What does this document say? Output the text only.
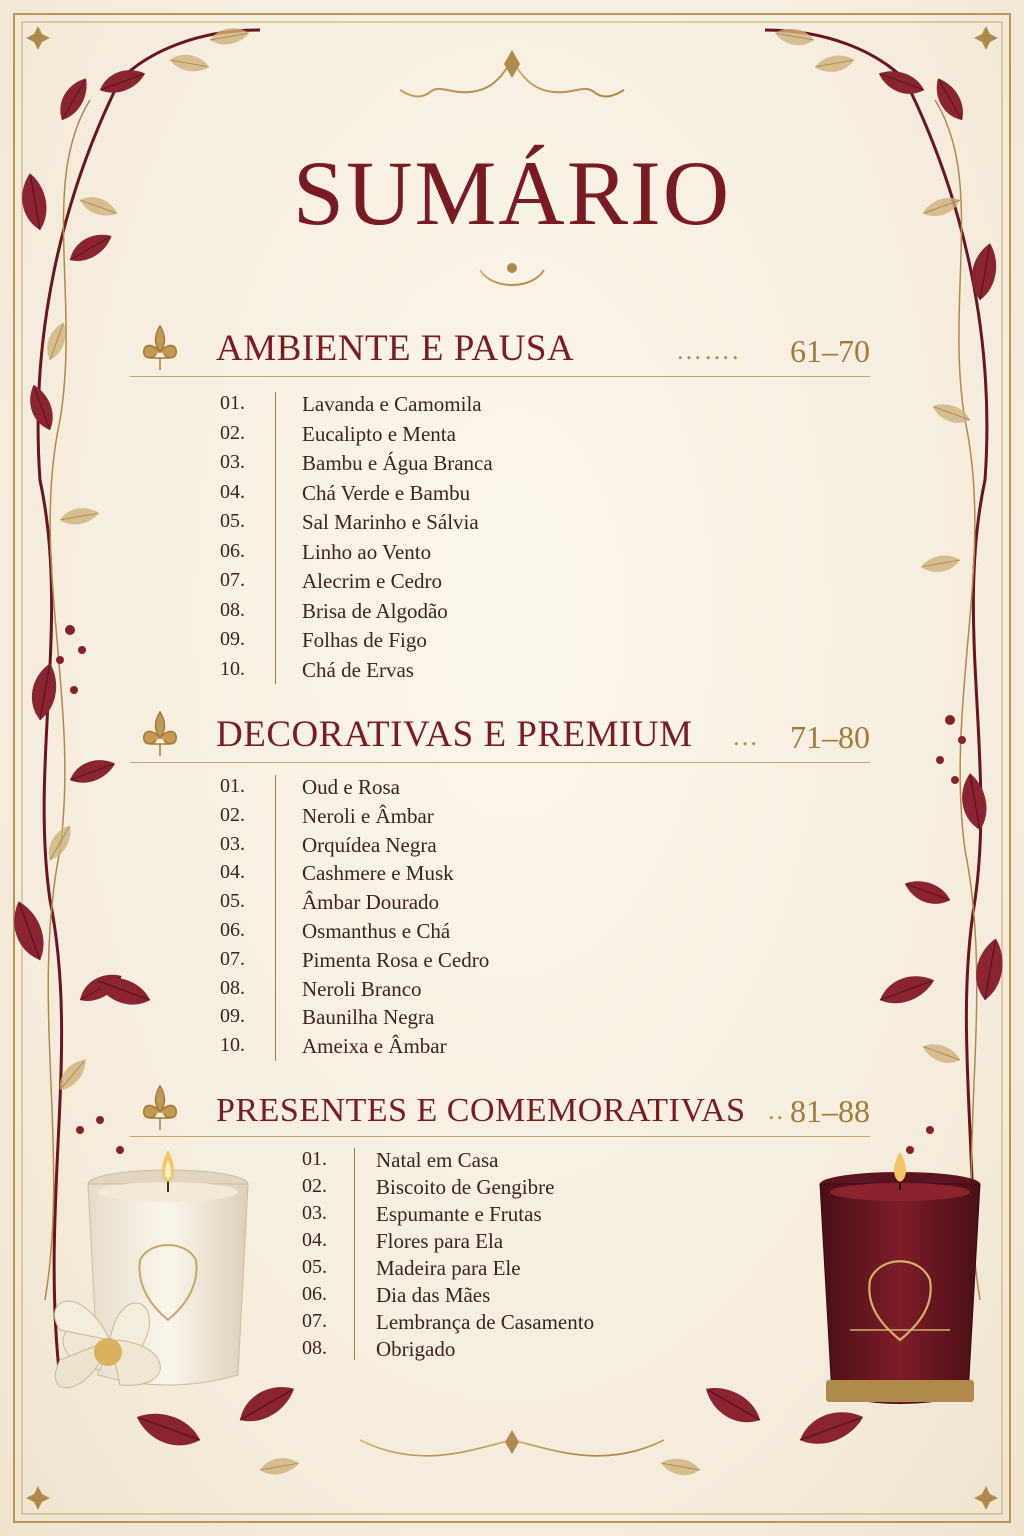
SUMÁRIO
AMBIENTE E PAUSA	……. 61–70
01.	Lavanda e Camomila
02.	Eucalipto e Menta
03.	Bambu e Água Branca
04.	Chá Verde e Bambu
05.	Sal Marinho e Sálvia
06.	Linho ao Vento
07.	Alecrim e Cedro
08.	Brisa de Algodão
09.	Folhas de Figo
10.	Chá de Ervas
DECORATIVAS E PREMIUM … 71–80
01.	Oud e Rosa
02.	Neroli e Âmbar
03.	Orquídea Negra
04.	Cashmere e Musk
05.	Âmbar Dourado
06.	Osmanthus e Chá
07.	Pimenta Rosa e Cedro
08.	Neroli Branco
09.	Baunilha Negra
10.	Ameixa e Âmbar
PRESENTES E COMEMORATIVAS .. 81–88
01.	Natal em Casa
02.	Biscoito de Gengibre
03.	Espumante e Frutas
04.	Flores para Ela
05.	Madeira para Ele
06.	Dia das Mães
07.	Lembrança de Casamento
08.	Obrigado
